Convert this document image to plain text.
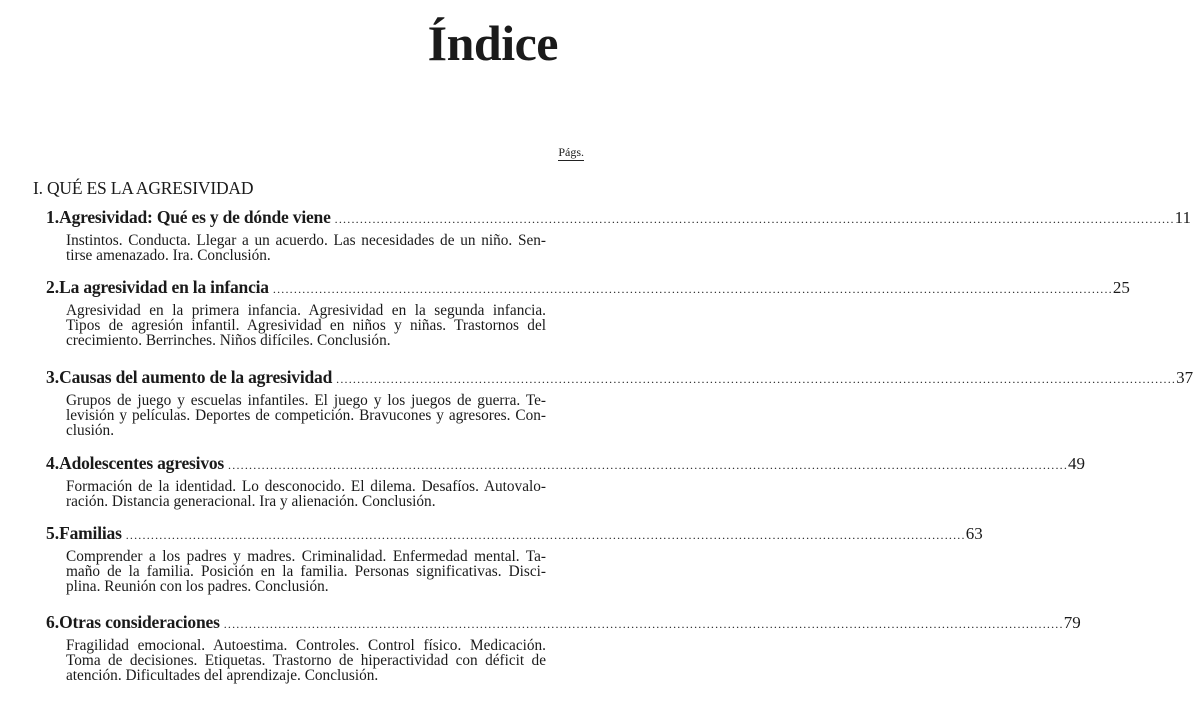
Índice
Págs.
I. QUÉ ES LA AGRESIVIDAD
1. Agresividad: Qué es y de dónde viene ........................................................................................................................................................................................................ 11
Instintos. Conducta. Llegar a un acuerdo. Las necesidades de un niño. Sen-
tirse amenazado. Ira. Conclusión.
2. La agresividad en la infancia ........................................................................................................................................................................................................ 25
Agresividad en la primera infancia. Agresividad en la segunda infancia.
Tipos de agresión infantil. Agresividad en niños y niñas. Trastornos del
crecimiento. Berrinches. Niños difíciles. Conclusión.
3. Causas del aumento de la agresividad ........................................................................................................................................................................................................ 37
Grupos de juego y escuelas infantiles. El juego y los juegos de guerra. Te-
levisión y películas. Deportes de competición. Bravucones y agresores. Con-
clusión.
4. Adolescentes agresivos ........................................................................................................................................................................................................ 49
Formación de la identidad. Lo desconocido. El dilema. Desafíos. Autovalo-
ración. Distancia generacional. Ira y alienación. Conclusión.
5. Familias ........................................................................................................................................................................................................ 63
Comprender a los padres y madres. Criminalidad. Enfermedad mental. Ta-
maño de la familia. Posición en la familia. Personas significativas. Disci-
plina. Reunión con los padres. Conclusión.
6. Otras consideraciones ........................................................................................................................................................................................................ 79
Fragilidad emocional. Autoestima. Controles. Control físico. Medicación.
Toma de decisiones. Etiquetas. Trastorno de hiperactividad con déficit de
atención. Dificultades del aprendizaje. Conclusión.
